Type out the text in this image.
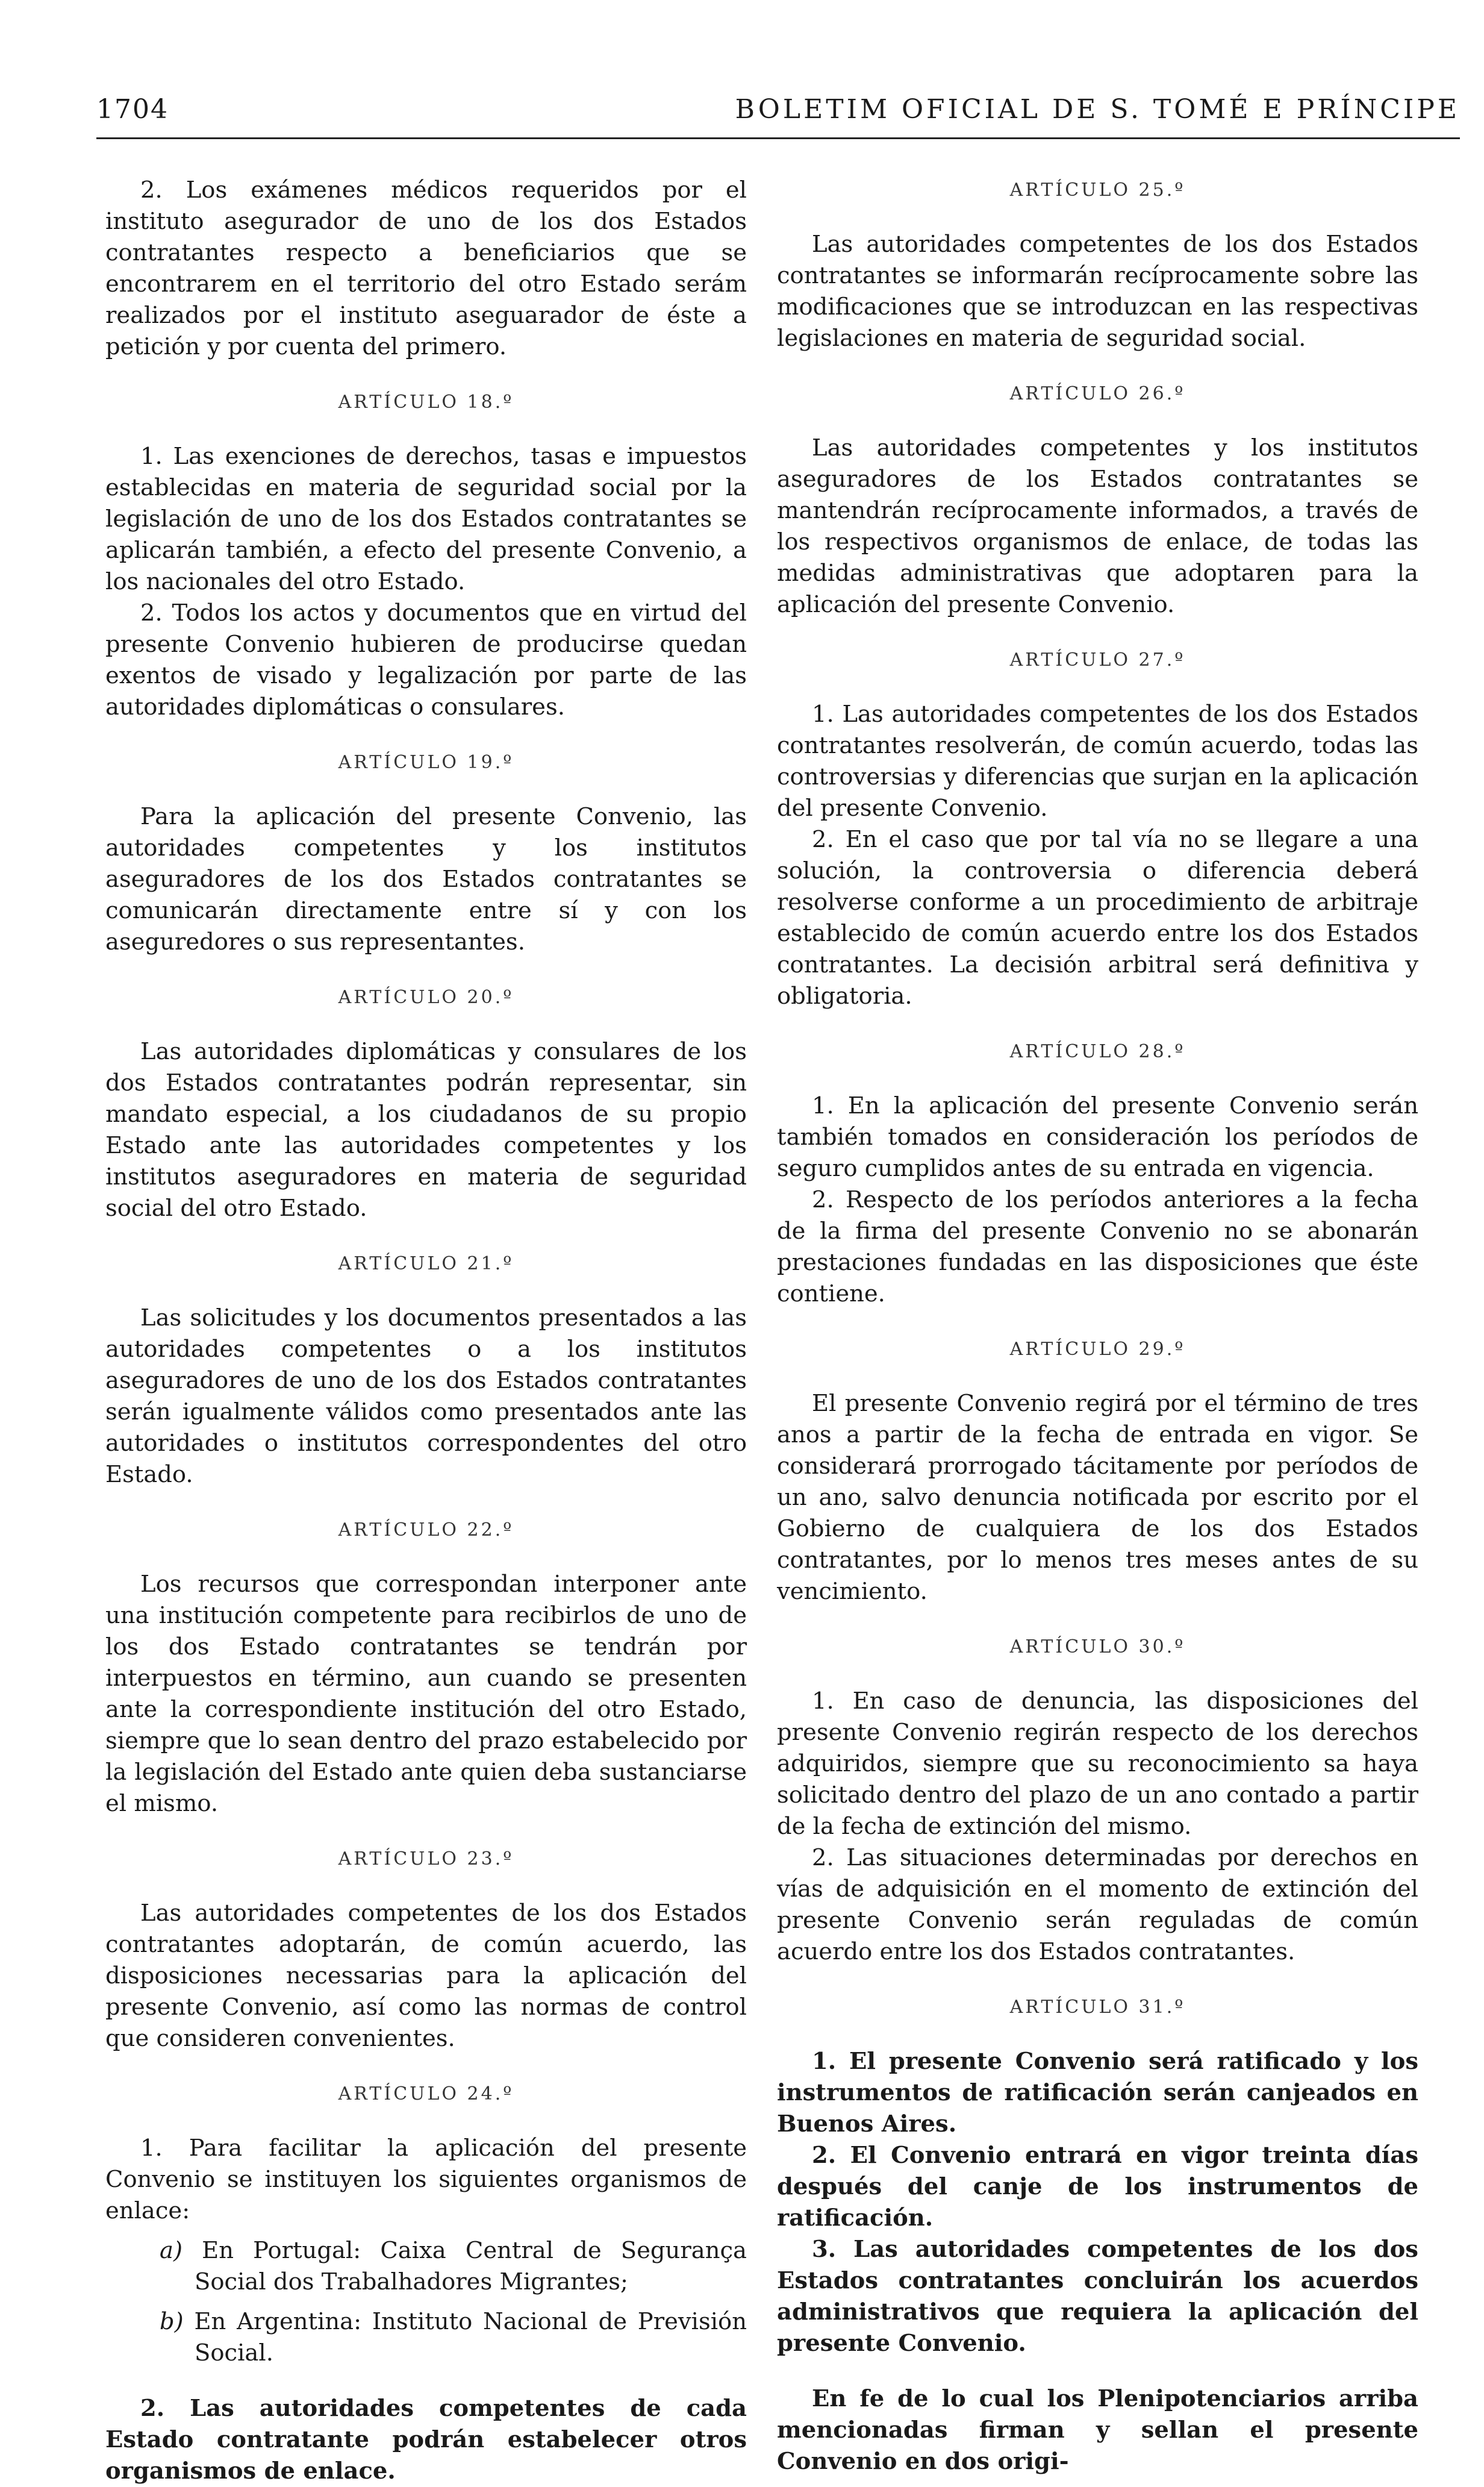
1704	BOLETIM OFICIAL DE S. TOMÉ E PRÍNCIPE

2. Los exámenes médicos requeridos por el instituto asegurador de uno de los dos Estados contratantes respecto a beneficiarios que se encontrarem en el territorio del otro Estado serám realizados por el instituto aseguarador de éste a petición y por cuenta del primero.

ARTÍCULO 18.º

1. Las exenciones de derechos, tasas e impuestos establecidas en materia de seguridad social por la legislación de uno de los dos Estados contratantes se aplicarán también, a efecto del presente Convenio, a los nacionales del otro Estado.

2. Todos los actos y documentos que en virtud del presente Convenio hubieren de producirse quedan exentos de visado y legalización por parte de las autoridades diplomáticas o consulares.

ARTÍCULO 19.º

Para la aplicación del presente Convenio, las autoridades competentes y los institutos aseguradores de los dos Estados contratantes se comunicarán directamente entre sí y con los aseguredores o sus representantes.

ARTÍCULO 20.º

Las autoridades diplomáticas y consulares de los dos Estados contratantes podrán representar, sin mandato especial, a los ciudadanos de su propio Estado ante las autoridades competentes y los institutos aseguradores en materia de seguridad social del otro Estado.

ARTÍCULO 21.º

Las solicitudes y los documentos presentados a las autoridades competentes o a los institutos aseguradores de uno de los dos Estados contratantes serán igualmente válidos como presentados ante las autoridades o institutos correspondentes del otro Estado.

ARTÍCULO 22.º

Los recursos que correspondan interponer ante una institución competente para recibirlos de uno de los dos Estado contratantes se tendrán por interpuestos en término, aun cuando se presenten ante la correspondiente institución del otro Estado, siempre que lo sean dentro del prazo estabelecido por la legislación del Estado ante quien deba sustanciarse el mismo.

ARTÍCULO 23.º

Las autoridades competentes de los dos Estados contratantes adoptarán, de común acuerdo, las disposiciones necessarias para la aplicación del presente Convenio, así como las normas de control que consideren convenientes.

ARTÍCULO 24.º

1. Para facilitar la aplicación del presente Convenio se instituyen los siguientes organismos de enlace:

a) En Portugal: Caixa Central de Segurança Social dos Trabalhadores Migrantes;

b) En Argentina: Instituto Nacional de Previsión Social.

2. Las autoridades competentes de cada Estado contratante podrán estabelecer otros organismos de enlace.

ARTÍCULO 25.º

Las autoridades competentes de los dos Estados contratantes se informarán recíprocamente sobre las modificaciones que se introduzcan en las respectivas legislaciones en materia de seguridad social.

ARTÍCULO 26.º

Las autoridades competentes y los institutos aseguradores de los Estados contratantes se mantendrán recíprocamente informados, a través de los respectivos organismos de enlace, de todas las medidas administrativas que adoptaren para la aplicación del presente Convenio.

ARTÍCULO 27.º

1. Las autoridades competentes de los dos Estados contratantes resolverán, de común acuerdo, todas las controversias y diferencias que surjan en la aplicación del presente Convenio.

2. En el caso que por tal vía no se llegare a una solución, la controversia o diferencia deberá resolverse conforme a un procedimiento de arbitraje establecido de común acuerdo entre los dos Estados contratantes. La decisión arbitral será definitiva y obligatoria.

ARTÍCULO 28.º

1. En la aplicación del presente Convenio serán también tomados en consideración los períodos de seguro cumplidos antes de su entrada en vigencia.

2. Respecto de los períodos anteriores a la fecha de la firma del presente Convenio no se abonarán prestaciones fundadas en las disposiciones que éste contiene.

ARTÍCULO 29.º

El presente Convenio regirá por el término de tres anos a partir de la fecha de entrada en vigor. Se considerará prorrogado tácitamente por períodos de un ano, salvo denuncia notificada por escrito por el Gobierno de cualquiera de los dos Estados contratantes, por lo menos tres meses antes de su vencimiento.

ARTÍCULO 30.º

1. En caso de denuncia, las disposiciones del presente Convenio regirán respecto de los derechos adquiridos, siempre que su reconocimiento sa haya solicitado dentro del plazo de un ano contado a partir de la fecha de extinción del mismo.

2. Las situaciones determinadas por derechos en vías de adquisición en el momento de extinción del presente Convenio serán reguladas de común acuerdo entre los dos Estados contratantes.

ARTÍCULO 31.º

1. El presente Convenio será ratificado y los instrumentos de ratificación serán canjeados en Buenos Aires.

2. El Convenio entrará en vigor treinta días después del canje de los instrumentos de ratificación.

3. Las autoridades competentes de los dos Estados contratantes concluirán los acuerdos administrativos que requiera la aplicación del presente Convenio.

En fe de lo cual los Plenipotenciarios arriba mencionadas firman y sellan el presente Convenio en dos origi-
